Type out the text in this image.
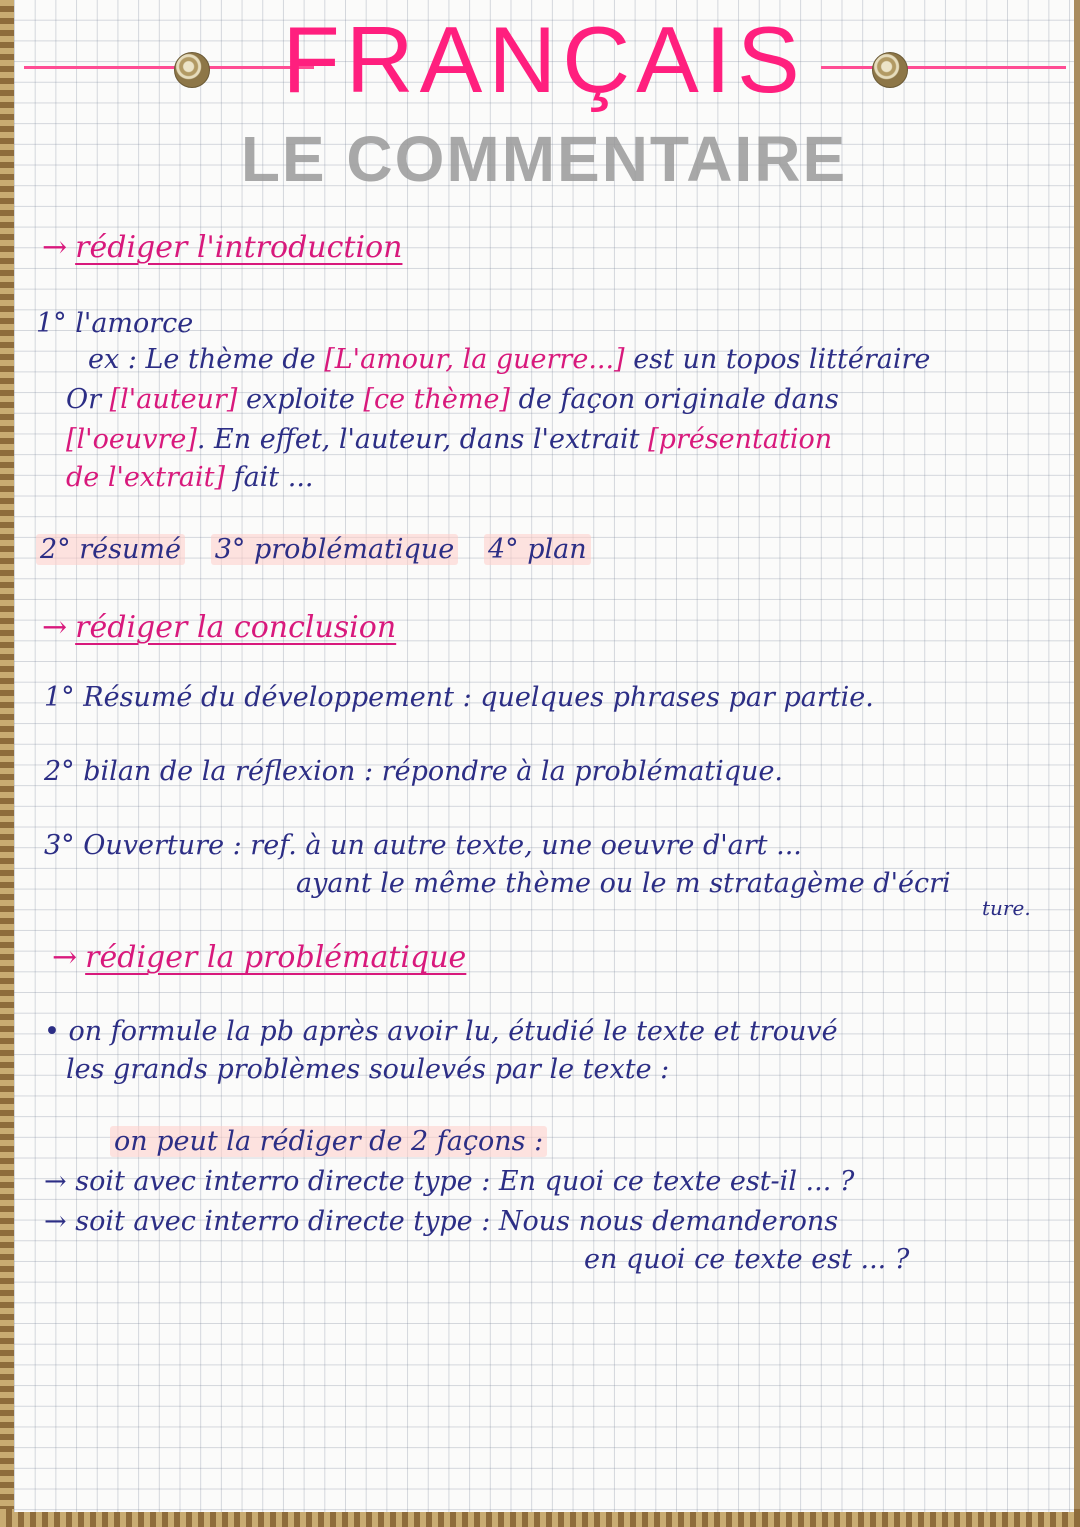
FRANÇAIS
LE COMMENTAIRE
→ rédiger l'introduction
1° l'amorce
ex : Le thème de [L'amour, la guerre...] est un topos littéraire
Or [l'auteur] exploite [ce thème] de façon originale dans
[l'oeuvre]. En effet, l'auteur, dans l'extrait [présentation
de l'extrait] fait ...
2° résumé 3° problématique 4° plan
→ rédiger la conclusion
1° Résumé du développement : quelques phrases par partie.
2° bilan de la réflexion : répondre à la problématique.
3° Ouverture : ref. à un autre texte, une oeuvre d'art ...
ayant le même thème ou le m stratagème d'écri
ture.
→ rédiger la problématique
• on formule la pb après avoir lu, étudié le texte et trouvé
les grands problèmes soulevés par le texte :
on peut la rédiger de 2 façons :
→ soit avec interro directe type : En quoi ce texte est-il ... ?
→ soit avec interro directe type : Nous nous demanderons
en quoi ce texte est ... ?
